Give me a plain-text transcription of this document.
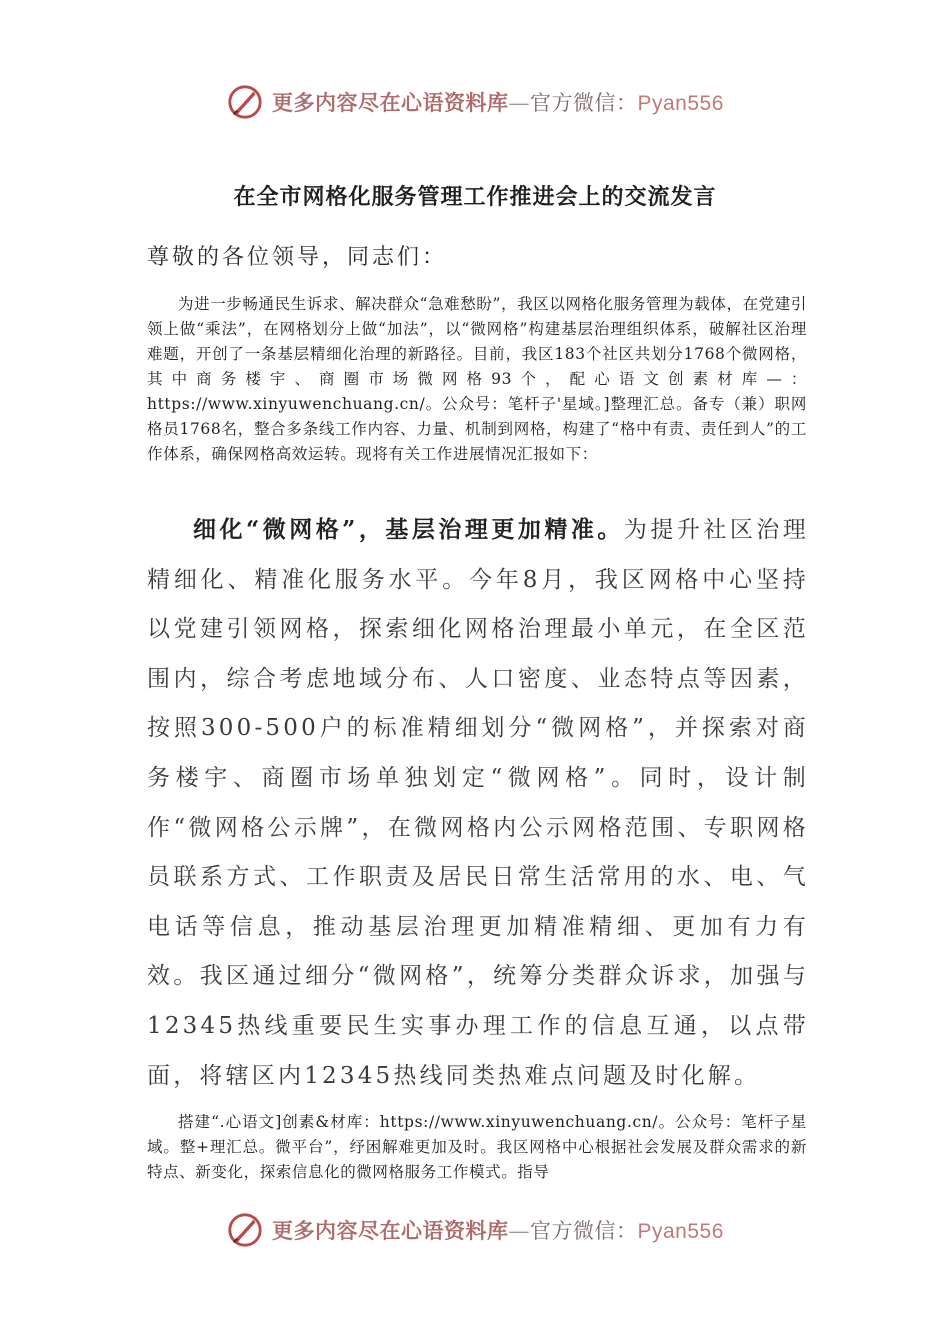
更多内容尽在心语资料库—官方微信：Pyan556
在全市网格化服务管理工作推进会上的交流发言
尊敬的各位领导，同志们：

为进一步畅通民生诉求、解决群众“急难愁盼”，我区以网格化服务管理为载体，在党建引领上做“乘法”，在网格划分上做“加法”，以“微网格”构建基层治理组织体系，破解社区治理难题，开创了一条基层精细化治理的新路径。目前，我区183个社区共划分1768个微网格，其中商务楼宇、商圈市场微网格93个，配心语文创素材库—：https://www.xinyuwenchuang.cn/。公众号：笔杆子'星域。]整理汇总。备专（兼）职网格员1768名，整合多条线工作内容、力量、机制到网格，构建了“格中有责、责任到人”的工作体系，确保网格高效运转。现将有关工作进展情况汇报如下：

细化“微网格”，基层治理更加精准。为提升社区治理精细化、精准化服务水平。今年8月，我区网格中心坚持以党建引领网格，探索细化网格治理最小单元，在全区范围内，综合考虑地域分布、人口密度、业态特点等因素，按照300-500户的标准精细划分“微网格”，并探索对商务楼宇、商圈市场单独划定“微网格”。同时，设计制作“微网格公示牌”，在微网格内公示网格范围、专职网格员联系方式、工作职责及居民日常生活常用的水、电、气电话等信息，推动基层治理更加精准精细、更加有力有效。我区通过细分“微网格”，统筹分类群众诉求，加强与12345热线重要民生实事办理工作的信息互通，以点带面，将辖区内12345热线同类热难点问题及时化解。

搭建“.心语文]创素&材库：https://www.xinyuwenchuang.cn/。公众号：笔杆子星域。整+理汇总。微平台”，纾困解难更加及时。我区网格中心根据社会发展及群众需求的新特点、新变化，探索信息化的微网格服务工作模式。指导

更多内容尽在心语资料库—官方微信：Pyan556
